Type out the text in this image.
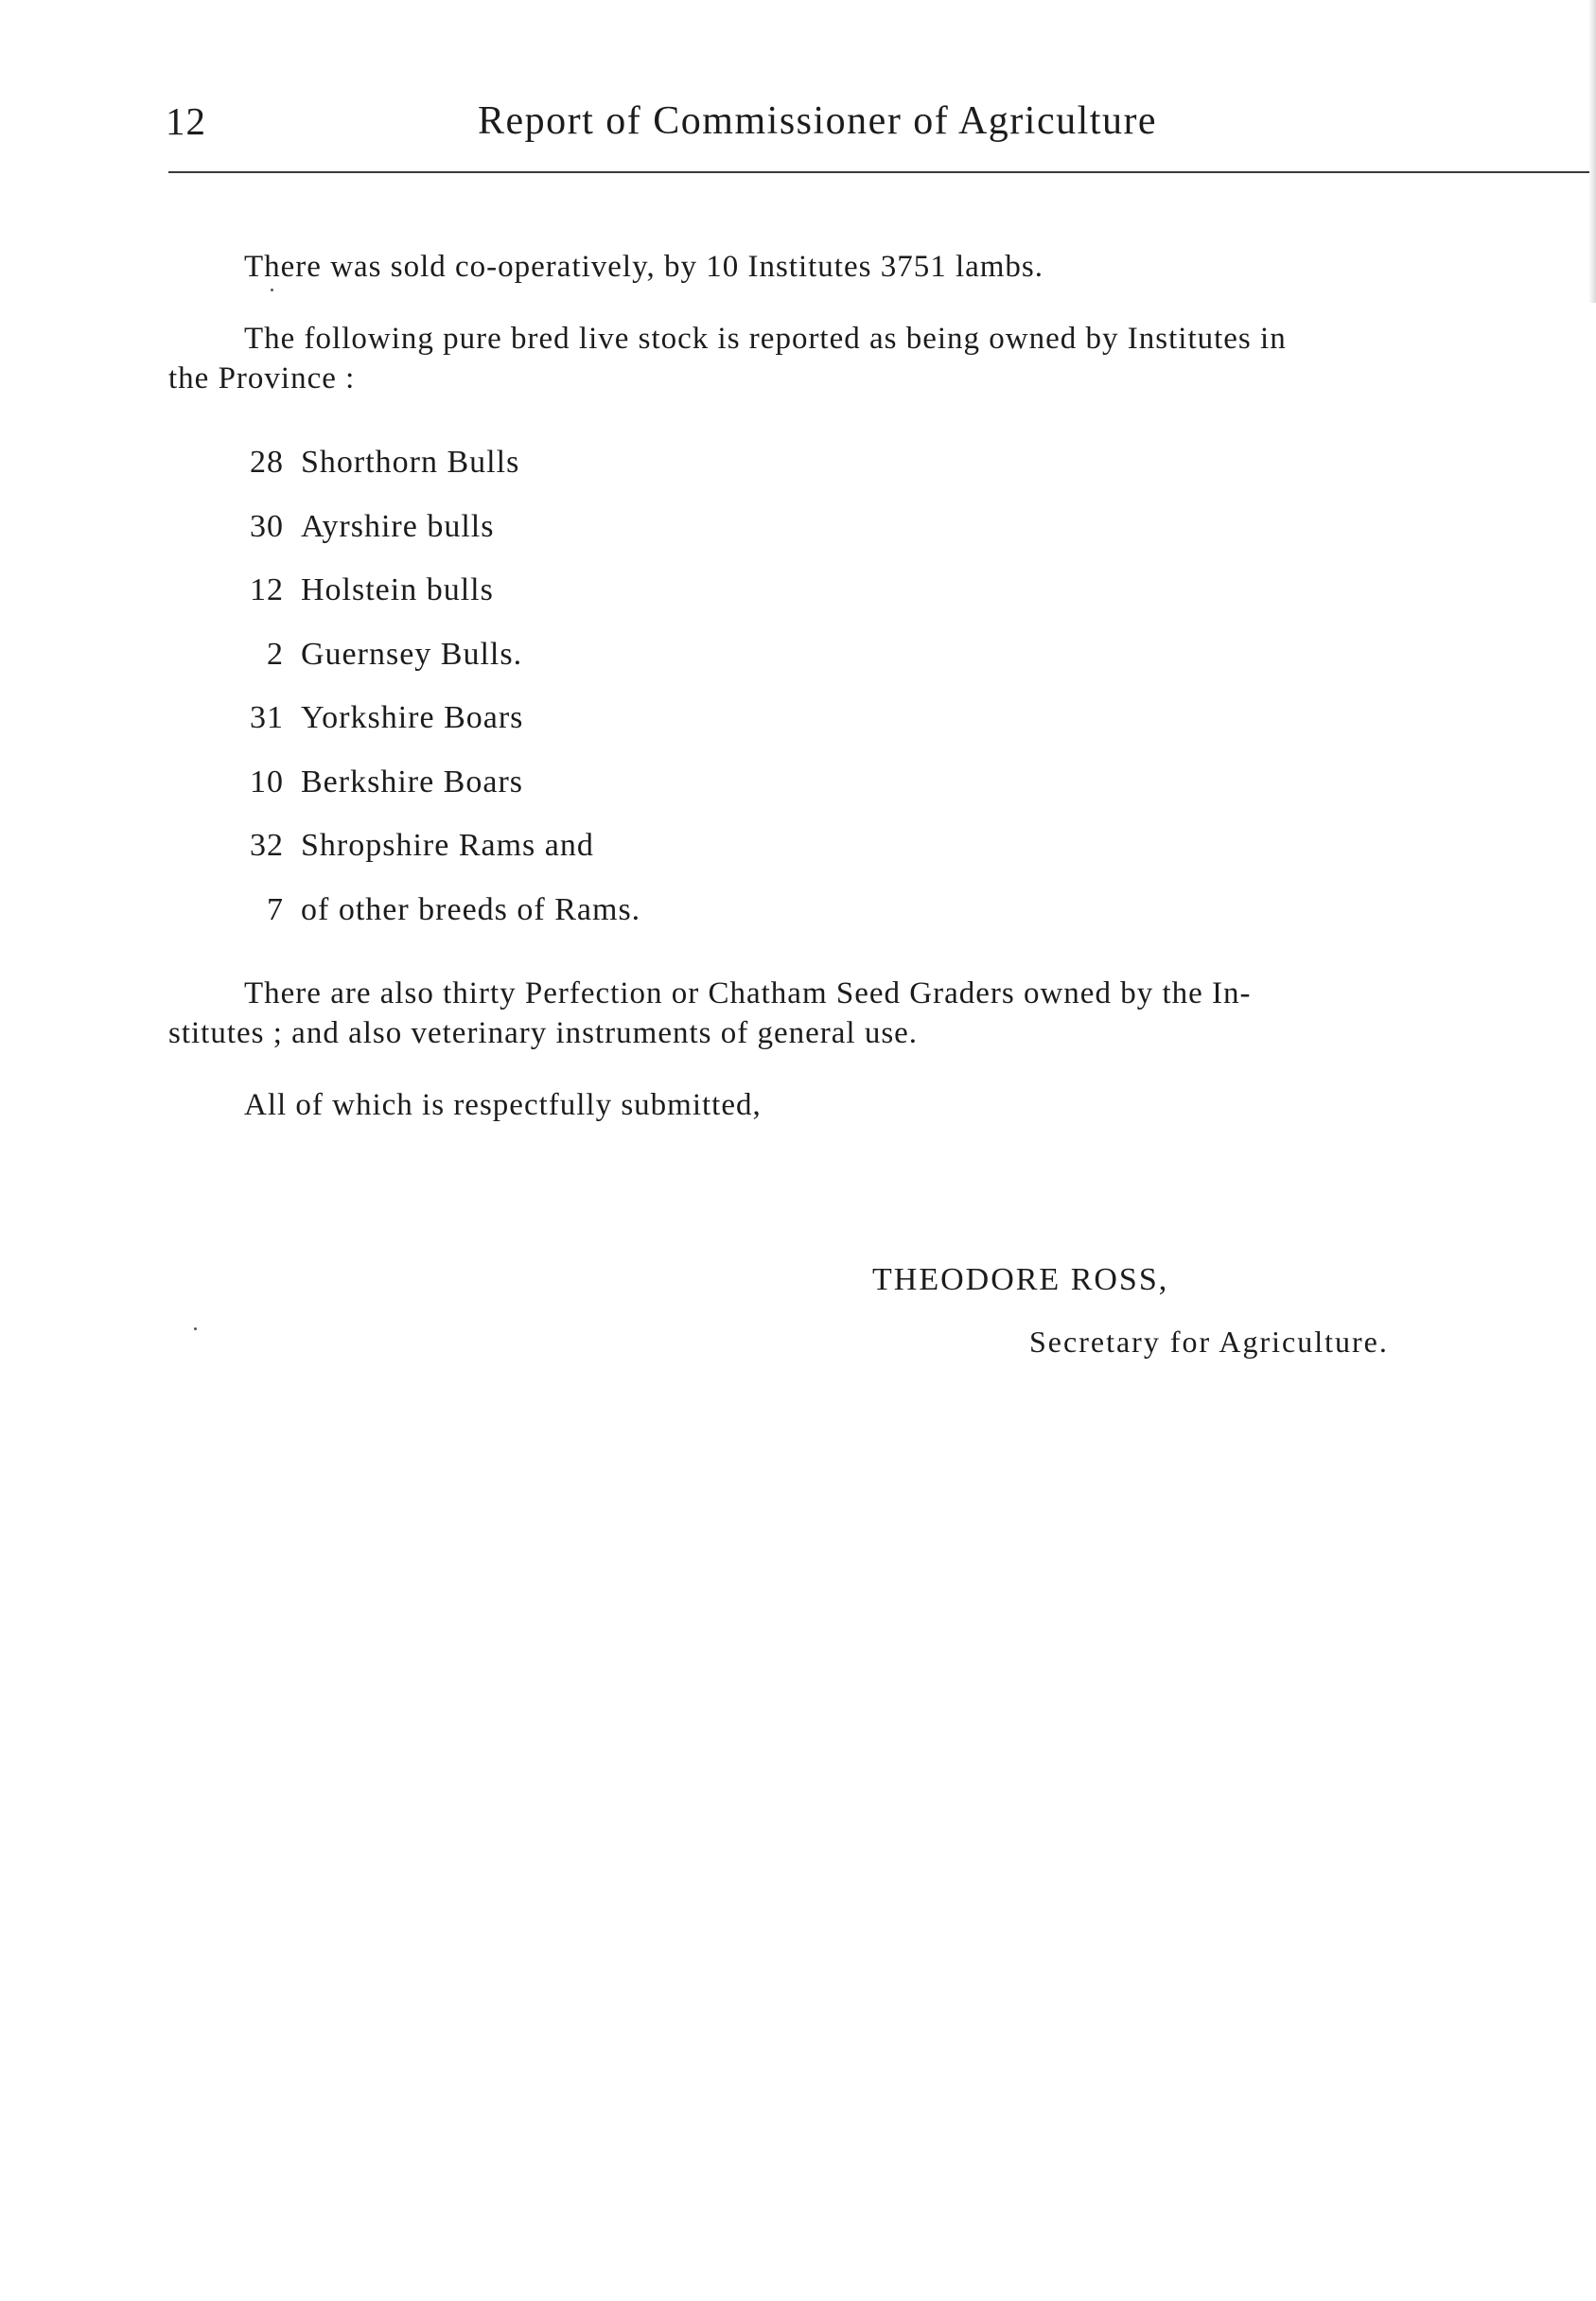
12	Report of Commissioner of Agriculture
There was sold co-operatively, by 10 Institutes 3751 lambs.
The following pure bred live stock is reported as being owned by Institutes in
the Province :
28 Shorthorn Bulls
30 Ayrshire bulls
12 Holstein bulls
2 Guernsey Bulls.
31 Yorkshire Boars
10 Berkshire Boars
32 Shropshire Rams and
7 of other breeds of Rams.
There are also thirty Perfection or Chatham Seed Graders owned by the In-
stitutes ; and also veterinary instruments of general use.
All of which is respectfully submitted,
THEODORE ROSS,
Secretary for Agriculture.
